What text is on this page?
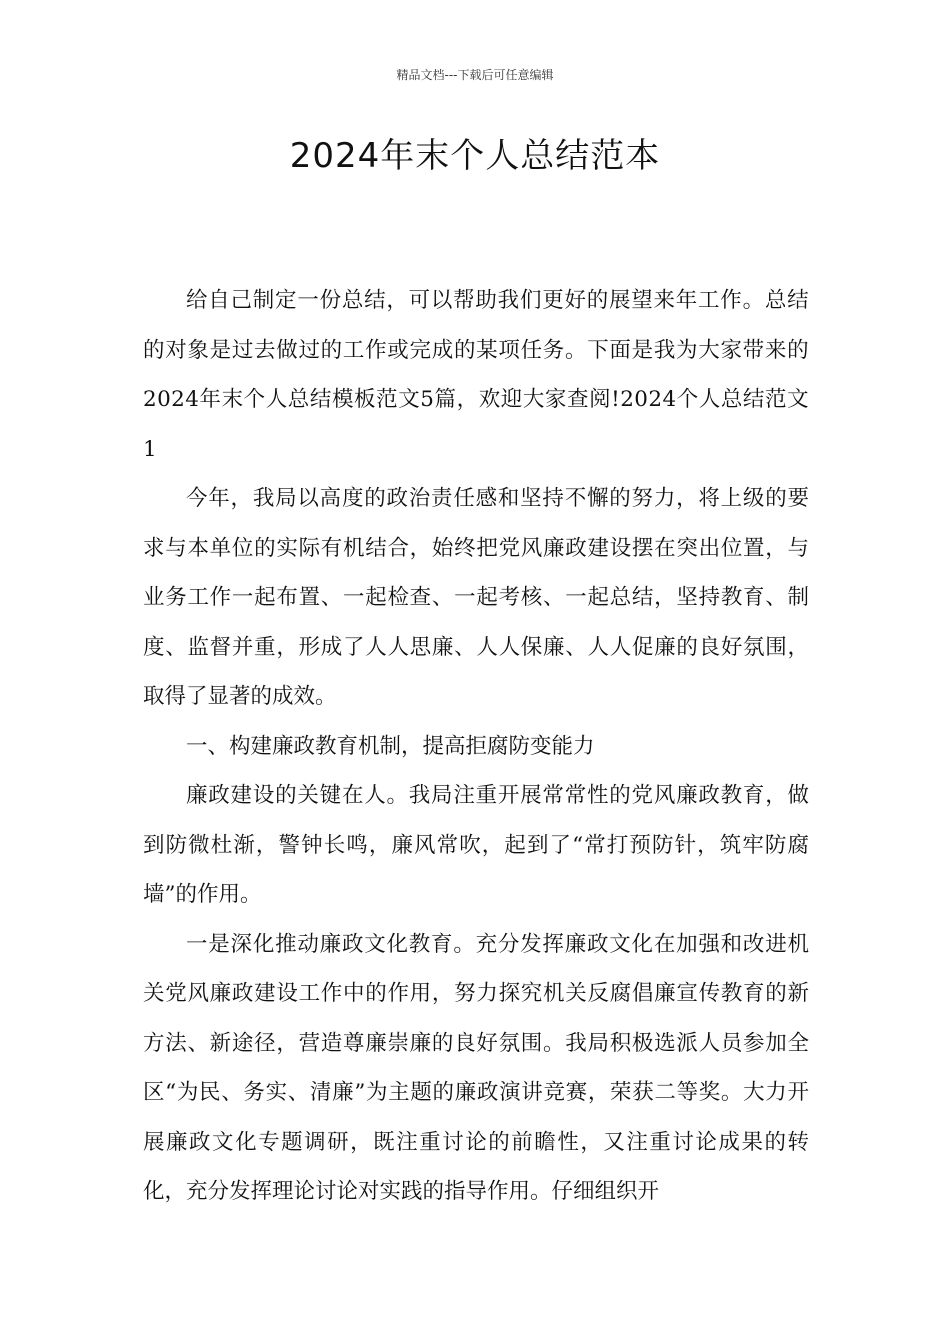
精品文档---下载后可任意编辑
2024年末个人总结范本

给自己制定一份总结，可以帮助我们更好的展望来年工作。总结的对象是过去做过的工作或完成的某项任务。下面是我为大家带来的2024年末个人总结模板范文5篇，欢迎大家查阅!2024个人总结范文1

今年，我局以高度的政治责任感和坚持不懈的努力，将上级的要求与本单位的实际有机结合，始终把党风廉政建设摆在突出位置，与业务工作一起布置、一起检查、一起考核、一起总结，坚持教育、制度、监督并重，形成了人人思廉、人人保廉、人人促廉的良好氛围，取得了显著的成效。

一、构建廉政教育机制，提高拒腐防变能力

廉政建设的关键在人。我局注重开展常常性的党风廉政教育，做到防微杜渐，警钟长鸣，廉风常吹，起到了“常打预防针，筑牢防腐墙”的作用。

一是深化推动廉政文化教育。充分发挥廉政文化在加强和改进机关党风廉政建设工作中的作用，努力探究机关反腐倡廉宣传教育的新方法、新途径，营造尊廉崇廉的良好氛围。我局积极选派人员参加全区“为民、务实、清廉”为主题的廉政演讲竞赛，荣获二等奖。大力开展廉政文化专题调研，既注重讨论的前瞻性，又注重讨论成果的转化，充分发挥理论讨论对实践的指导作用。仔细组织开
